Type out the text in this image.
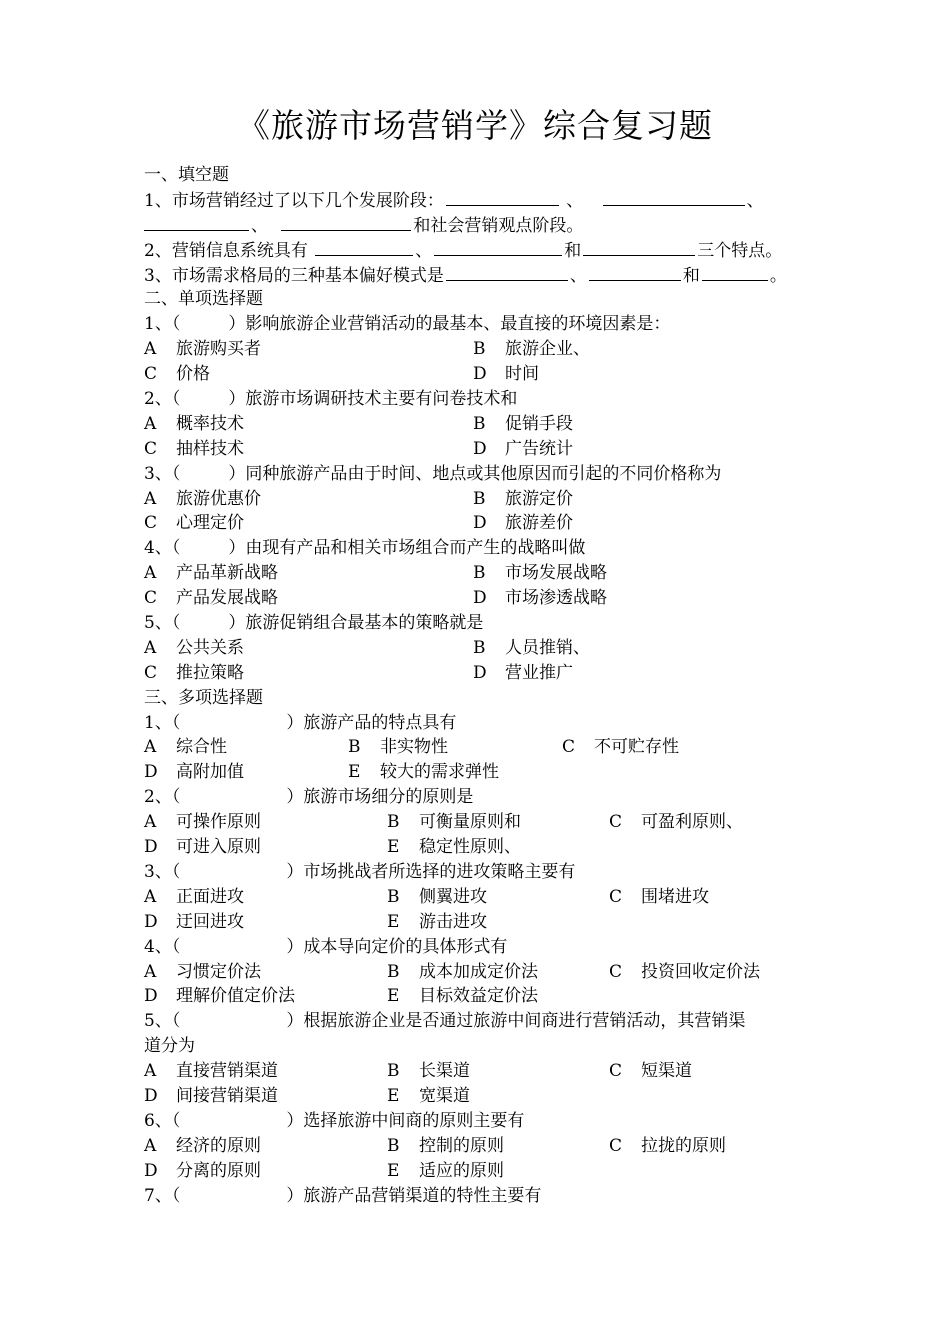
《旅游市场营销学》综合复习题
一、填空题
1、市场营销经过了以下几个发展阶段：	、	、
、	和社会营销观点阶段。
2、营销信息系统具有	、	和	三个特点。
3、市场需求格局的三种基本偏好模式是	、	和	。
二、单项选择题
1、（	）影响旅游企业营销活动的最基本、最直接的环境因素是：
A 旅游购买者	B 旅游企业、
C 价格	D 时间
2、（	）旅游市场调研技术主要有问卷技术和
A 概率技术	B 促销手段
C 抽样技术	D 广告统计
3、（	）同种旅游产品由于时间、地点或其他原因而引起的不同价格称为
A 旅游优惠价	B 旅游定价
C 心理定价	D 旅游差价
4、（	）由现有产品和相关市场组合而产生的战略叫做
A 产品革新战略	B 市场发展战略
C 产品发展战略	D 市场渗透战略
5、（	）旅游促销组合最基本的策略就是
A 公共关系	B 人员推销、
C 推拉策略	D 营业推广
三、多项选择题
1、（	）旅游产品的特点具有
A 综合性	B 非实物性	C 不可贮存性
D 高附加值	E 较大的需求弹性
2、（	）旅游市场细分的原则是
A 可操作原则	B 可衡量原则和	C 可盈利原则、
D 可进入原则	E 稳定性原则、
3、（	）市场挑战者所选择的进攻策略主要有
A 正面进攻	B 侧翼进攻	C 围堵进攻
D 迂回进攻	E 游击进攻
4、（	）成本导向定价的具体形式有
A 习惯定价法	B 成本加成定价法	C 投资回收定价法
D 理解价值定价法	E 目标效益定价法
5、（	）根据旅游企业是否通过旅游中间商进行营销活动，其营销渠
道分为
A 直接营销渠道	B 长渠道	C 短渠道
D 间接营销渠道	E 宽渠道
6、（	）选择旅游中间商的原则主要有
A 经济的原则	B 控制的原则	C 拉拢的原则
D 分离的原则	E 适应的原则
7、（	）旅游产品营销渠道的特性主要有
